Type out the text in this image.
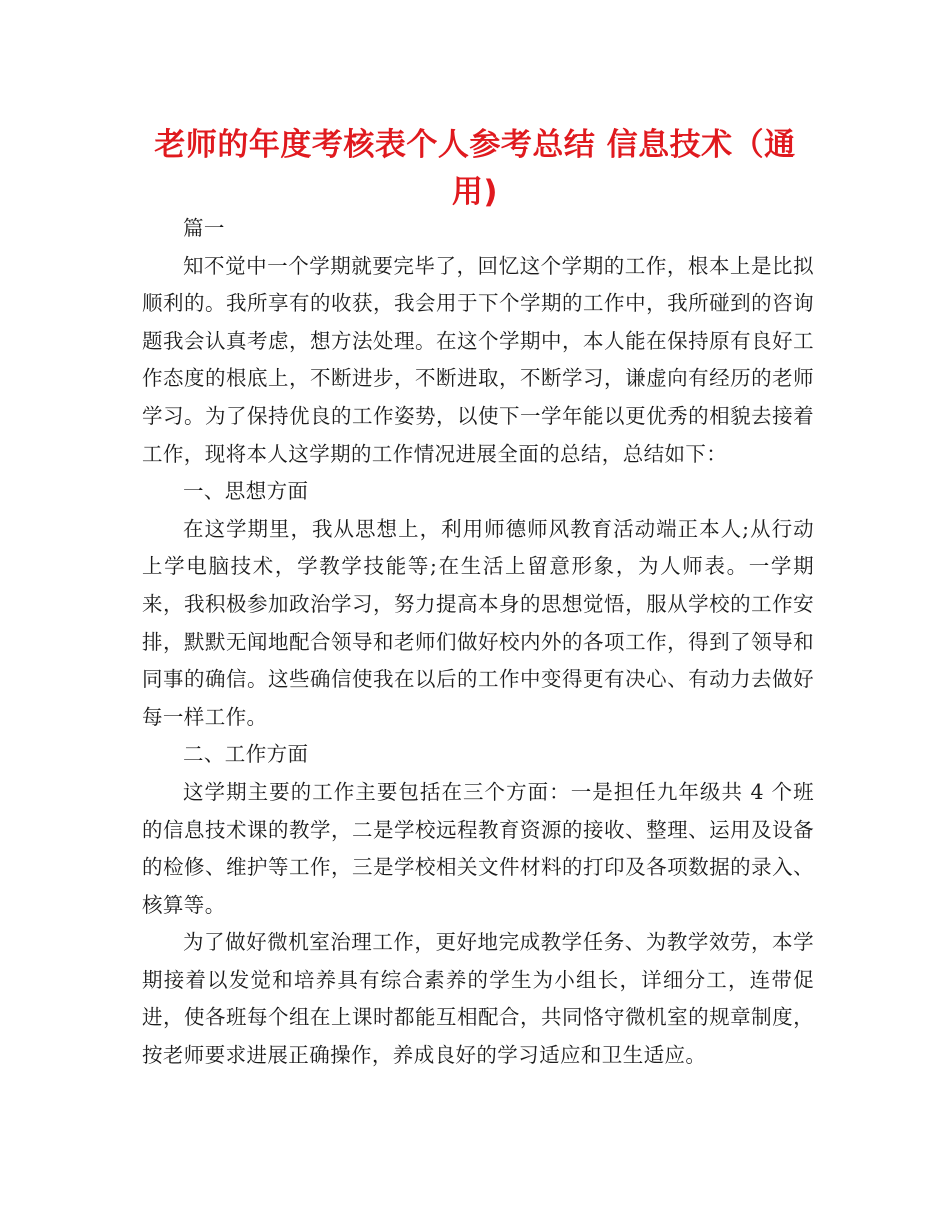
老师的年度考核表个人参考总结 信息技术（通用)

篇一

知不觉中一个学期就要完毕了，回忆这个学期的工作，根本上是比拟顺利的。我所享有的收获，我会用于下个学期的工作中，我所碰到的咨询题我会认真考虑，想方法处理。在这个学期中，本人能在保持原有良好工作态度的根底上，不断进步，不断进取，不断学习，谦虚向有经历的老师学习。为了保持优良的工作姿势，以使下一学年能以更优秀的相貌去接着工作，现将本人这学期的工作情况进展全面的总结，总结如下：

一、思想方面

在这学期里，我从思想上，利用师德师风教育活动端正本人;从行动上学电脑技术，学教学技能等;在生活上留意形象，为人师表。一学期来，我积极参加政治学习，努力提高本身的思想觉悟，服从学校的工作安排，默默无闻地配合领导和老师们做好校内外的各项工作，得到了领导和同事的确信。这些确信使我在以后的工作中变得更有决心、有动力去做好每一样工作。

二、工作方面

这学期主要的工作主要包括在三个方面：一是担任九年级共 4 个班的信息技术课的教学，二是学校远程教育资源的接收、整理、运用及设备的检修、维护等工作，三是学校相关文件材料的打印及各项数据的录入、核算等。

为了做好微机室治理工作，更好地完成教学任务、为教学效劳，本学期接着以发觉和培养具有综合素养的学生为小组长，详细分工，连带促进，使各班每个组在上课时都能互相配合，共同恪守微机室的规章制度，按老师要求进展正确操作，养成良好的学习适应和卫生适应。
